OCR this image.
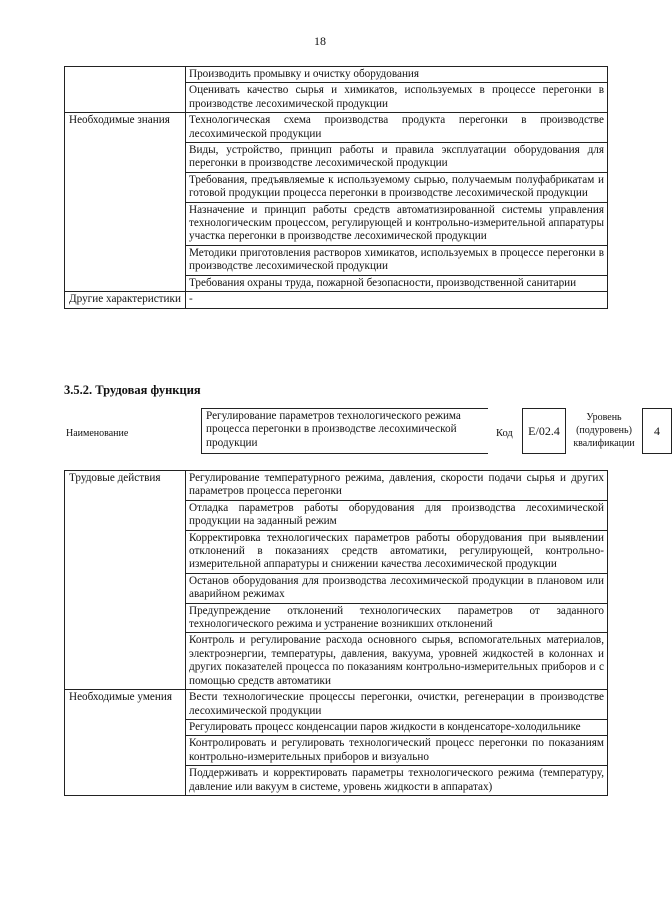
18
	Производить промывку и очистку оборудования
	Оценивать качество сырья и химикатов, используемых в процессе перегонки в производстве лесохимической продукции
Необходимые знания	Технологическая схема производства продукта перегонки в производстве лесохимической продукции
	Виды, устройство, принцип работы и правила эксплуатации оборудования для перегонки в производстве лесохимической продукции
	Требования, предъявляемые к используемому сырью, получаемым полуфабрикатам и готовой продукции процесса перегонки в производстве лесохимической продукции
	Назначение и принцип работы средств автоматизированной системы управления технологическим процессом, регулирующей и контрольно-измерительной аппаратуры участка перегонки в производстве лесохимической продукции
	Методики приготовления растворов химикатов, используемых в процессе перегонки в производстве лесохимической продукции
	Требования охраны труда, пожарной безопасности, производственной санитарии
Другие характеристики	-
3.5.2. Трудовая функция
Наименование
Регулирование параметров технологического режима процесса перегонки в производстве лесохимической продукции
Код	E/02.4
Уровень (подуровень) квалификации
4
Трудовые действия	Регулирование температурного режима, давления, скорости подачи сырья и других параметров процесса перегонки
	Отладка параметров работы оборудования для производства лесохимической продукции на заданный режим
	Корректировка технологических параметров работы оборудования при выявлении отклонений в показаниях средств автоматики, регулирующей, контрольно-измерительной аппаратуры и снижении качества лесохимической продукции
	Останов оборудования для производства лесохимической продукции в плановом или аварийном режимах
	Предупреждение отклонений технологических параметров от заданного технологического режима и устранение возникших отклонений
	Контроль и регулирование расхода основного сырья, вспомогательных материалов, электроэнергии, температуры, давления, вакуума, уровней жидкостей в колоннах и других показателей процесса по показаниям контрольно-измерительных приборов и с помощью средств автоматики
Необходимые умения	Вести технологические процессы перегонки, очистки, регенерации в производстве лесохимической продукции
	Регулировать процесс конденсации паров жидкости в конденсаторе-холодильнике
	Контролировать и регулировать технологический процесс перегонки по показаниям контрольно-измерительных приборов и визуально
	Поддерживать и корректировать параметры технологического режима (температуру, давление или вакуум в системе, уровень жидкости в аппаратах)
